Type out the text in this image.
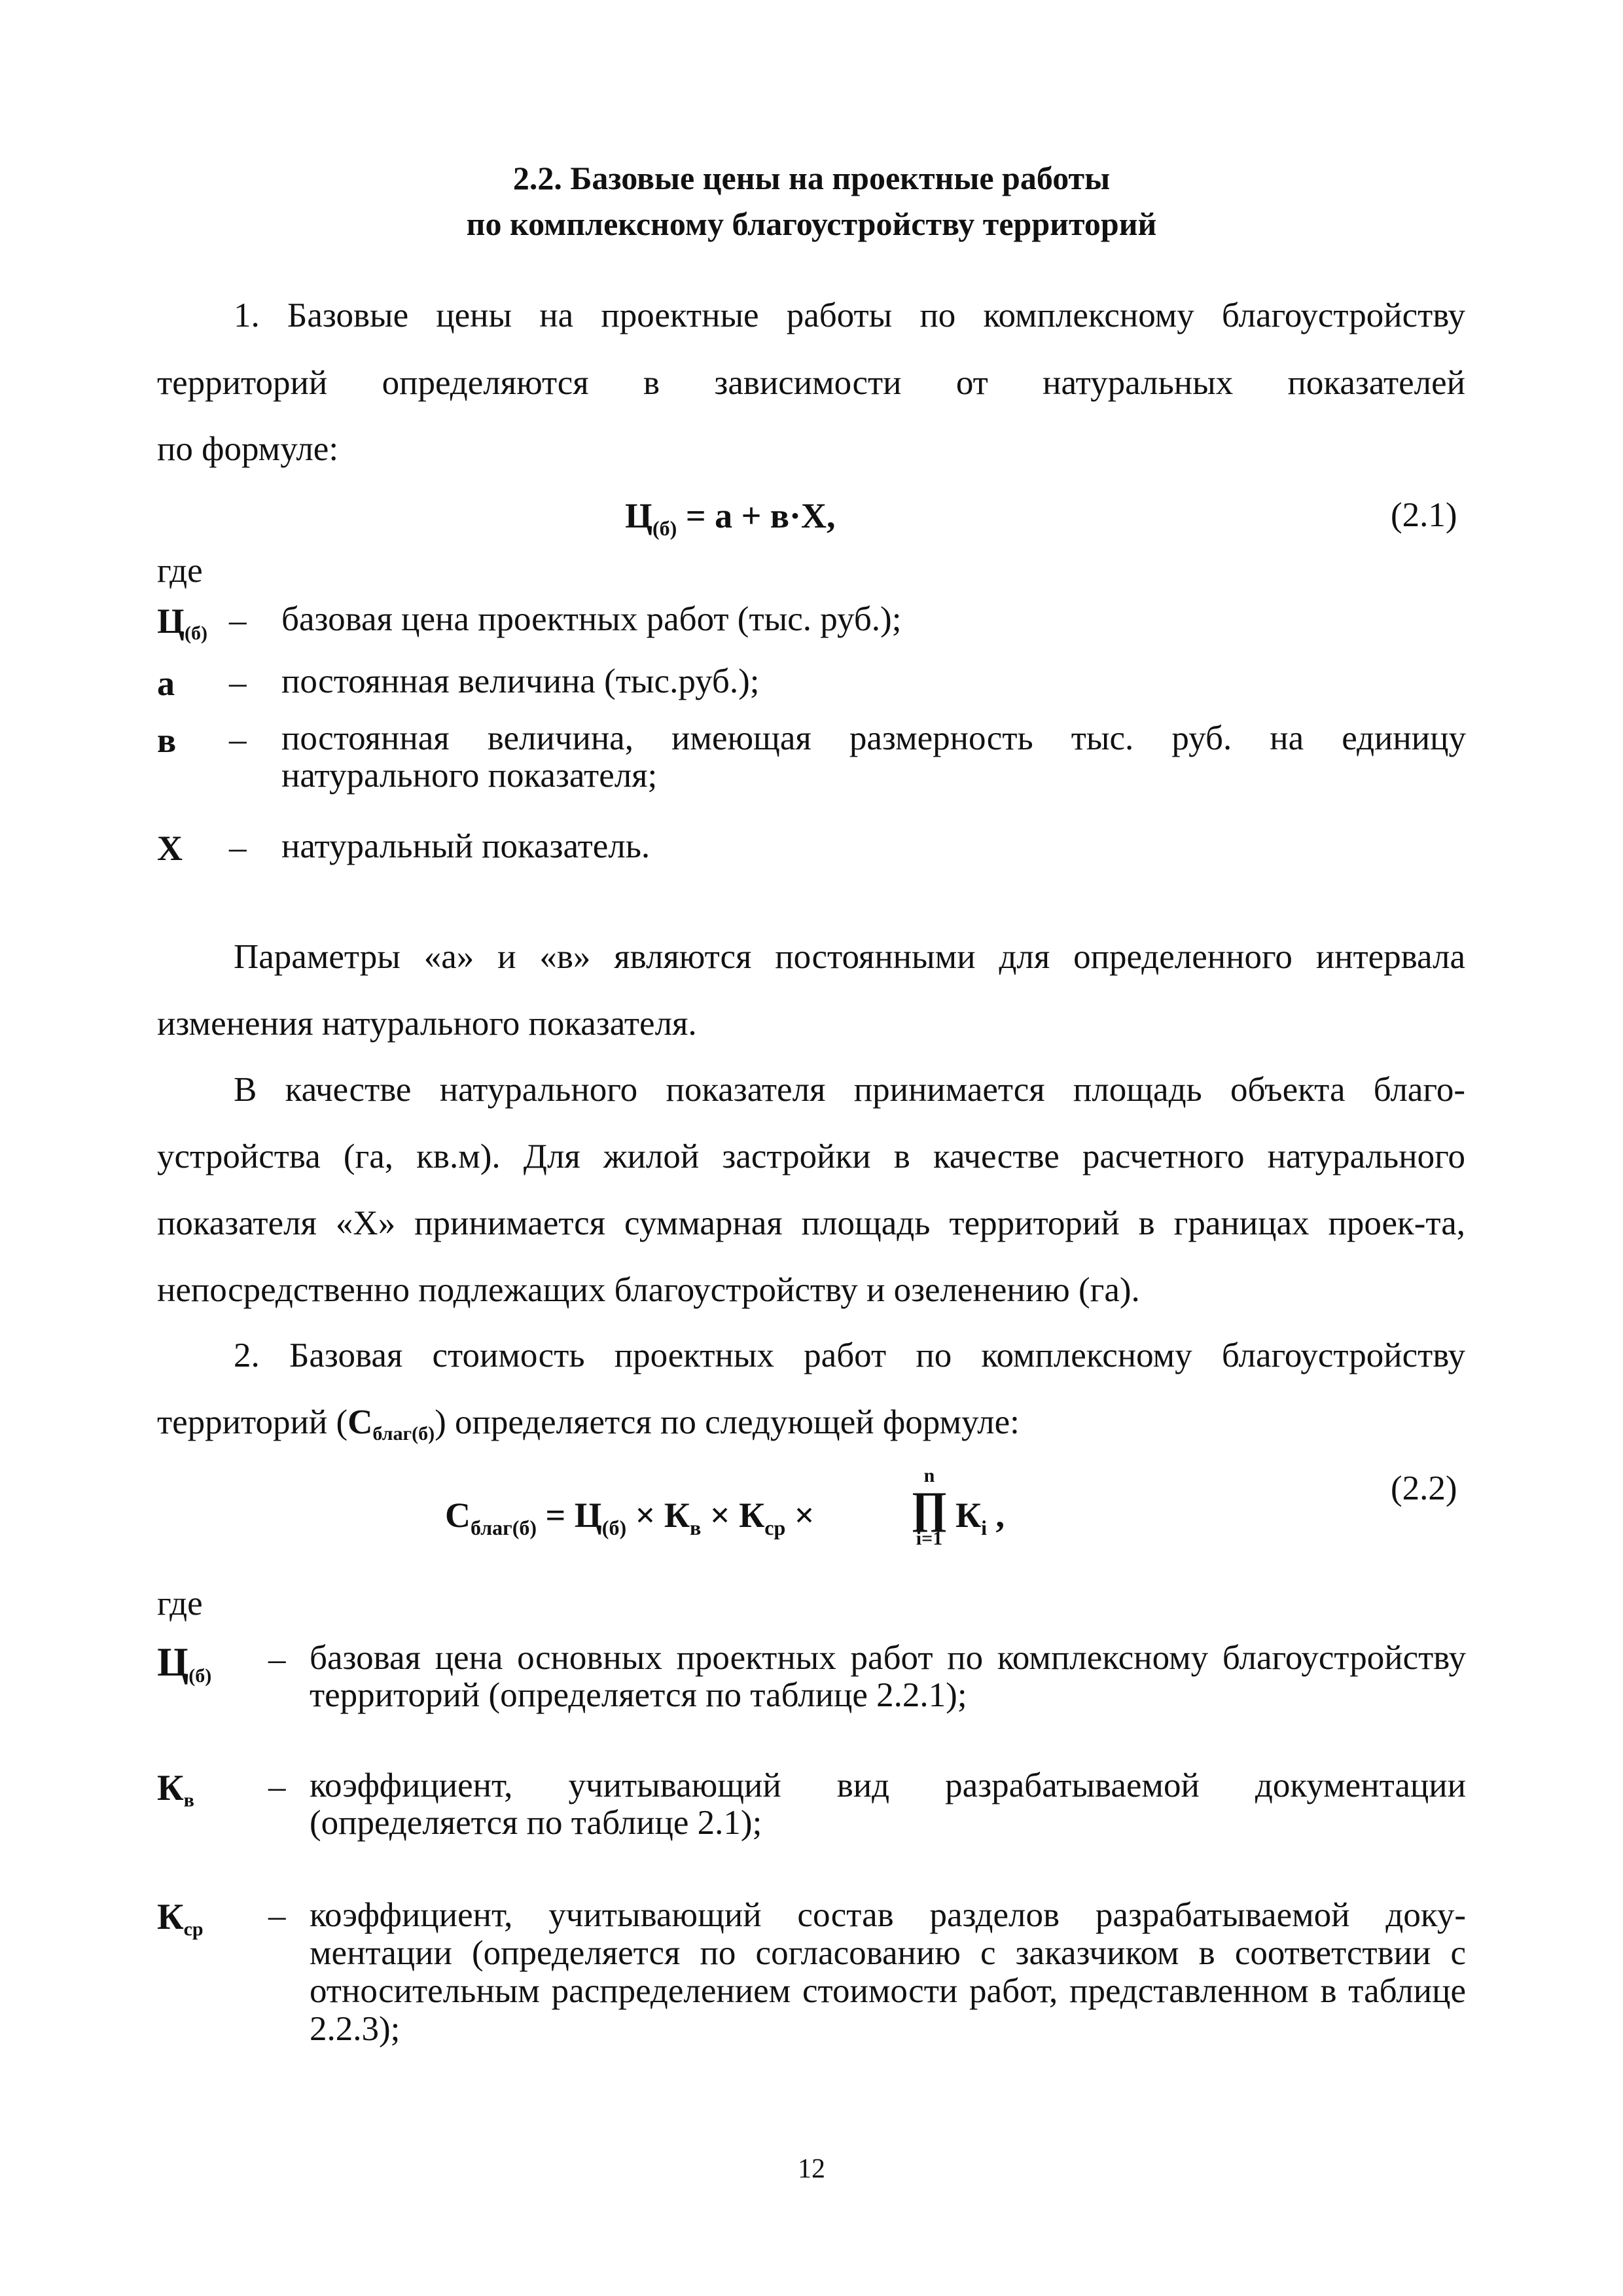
2.2. Базовые цены на проектные работы
по комплексному благоустройству территорий
1. Базовые цены на проектные работы по комплексному благоустройству
территорий определяются в зависимости от натуральных показателей
по формуле:
$Ц_{(б)} = а + в\cdot Х$,	(2.1)
где
$Ц_{(б)}$ – базовая цена проектных работ (тыс. руб.);
а – постоянная величина (тыс.руб.);
в – постоянная величина, имеющая размерность тыс. руб. на единицу натурального показателя;
Х – натуральный показатель.
Параметры «а» и «в» являются постоянными для определенного интервала изменения натурального показателя.
В качестве натурального показателя принимается площадь объекта благо-устройства (га, кв.м). Для жилой застройки в качестве расчетного натурального показателя «Х» принимается суммарная площадь территорий в границах проек-та, непосредственно подлежащих благоустройству и озеленению (га).
2. Базовая стоимость проектных работ по комплексному благоустройству территорий $(С_{благ(б)})$ определяется по следующей формуле:
$С_{благ(б)} = Ц_{(б)} \times К_в \times К_{ср}$ ×
n
∏
i=1
$К_i$ ,
(2.2)
где
$Ц_{(б)}$ – базовая цена основных проектных работ по комплексному благоустройству территорий (определяется по таблице 2.2.1);
$К_в$ – коэффициент, учитывающий вид разрабатываемой документации (определяется по таблице 2.1);
$К_{ср}$ – коэффициент, учитывающий состав разделов разрабатываемой доку-ментации (определяется по согласованию с заказчиком в соответствии с относительным распределением стоимости работ, представленном в таблице 2.2.3);
12
